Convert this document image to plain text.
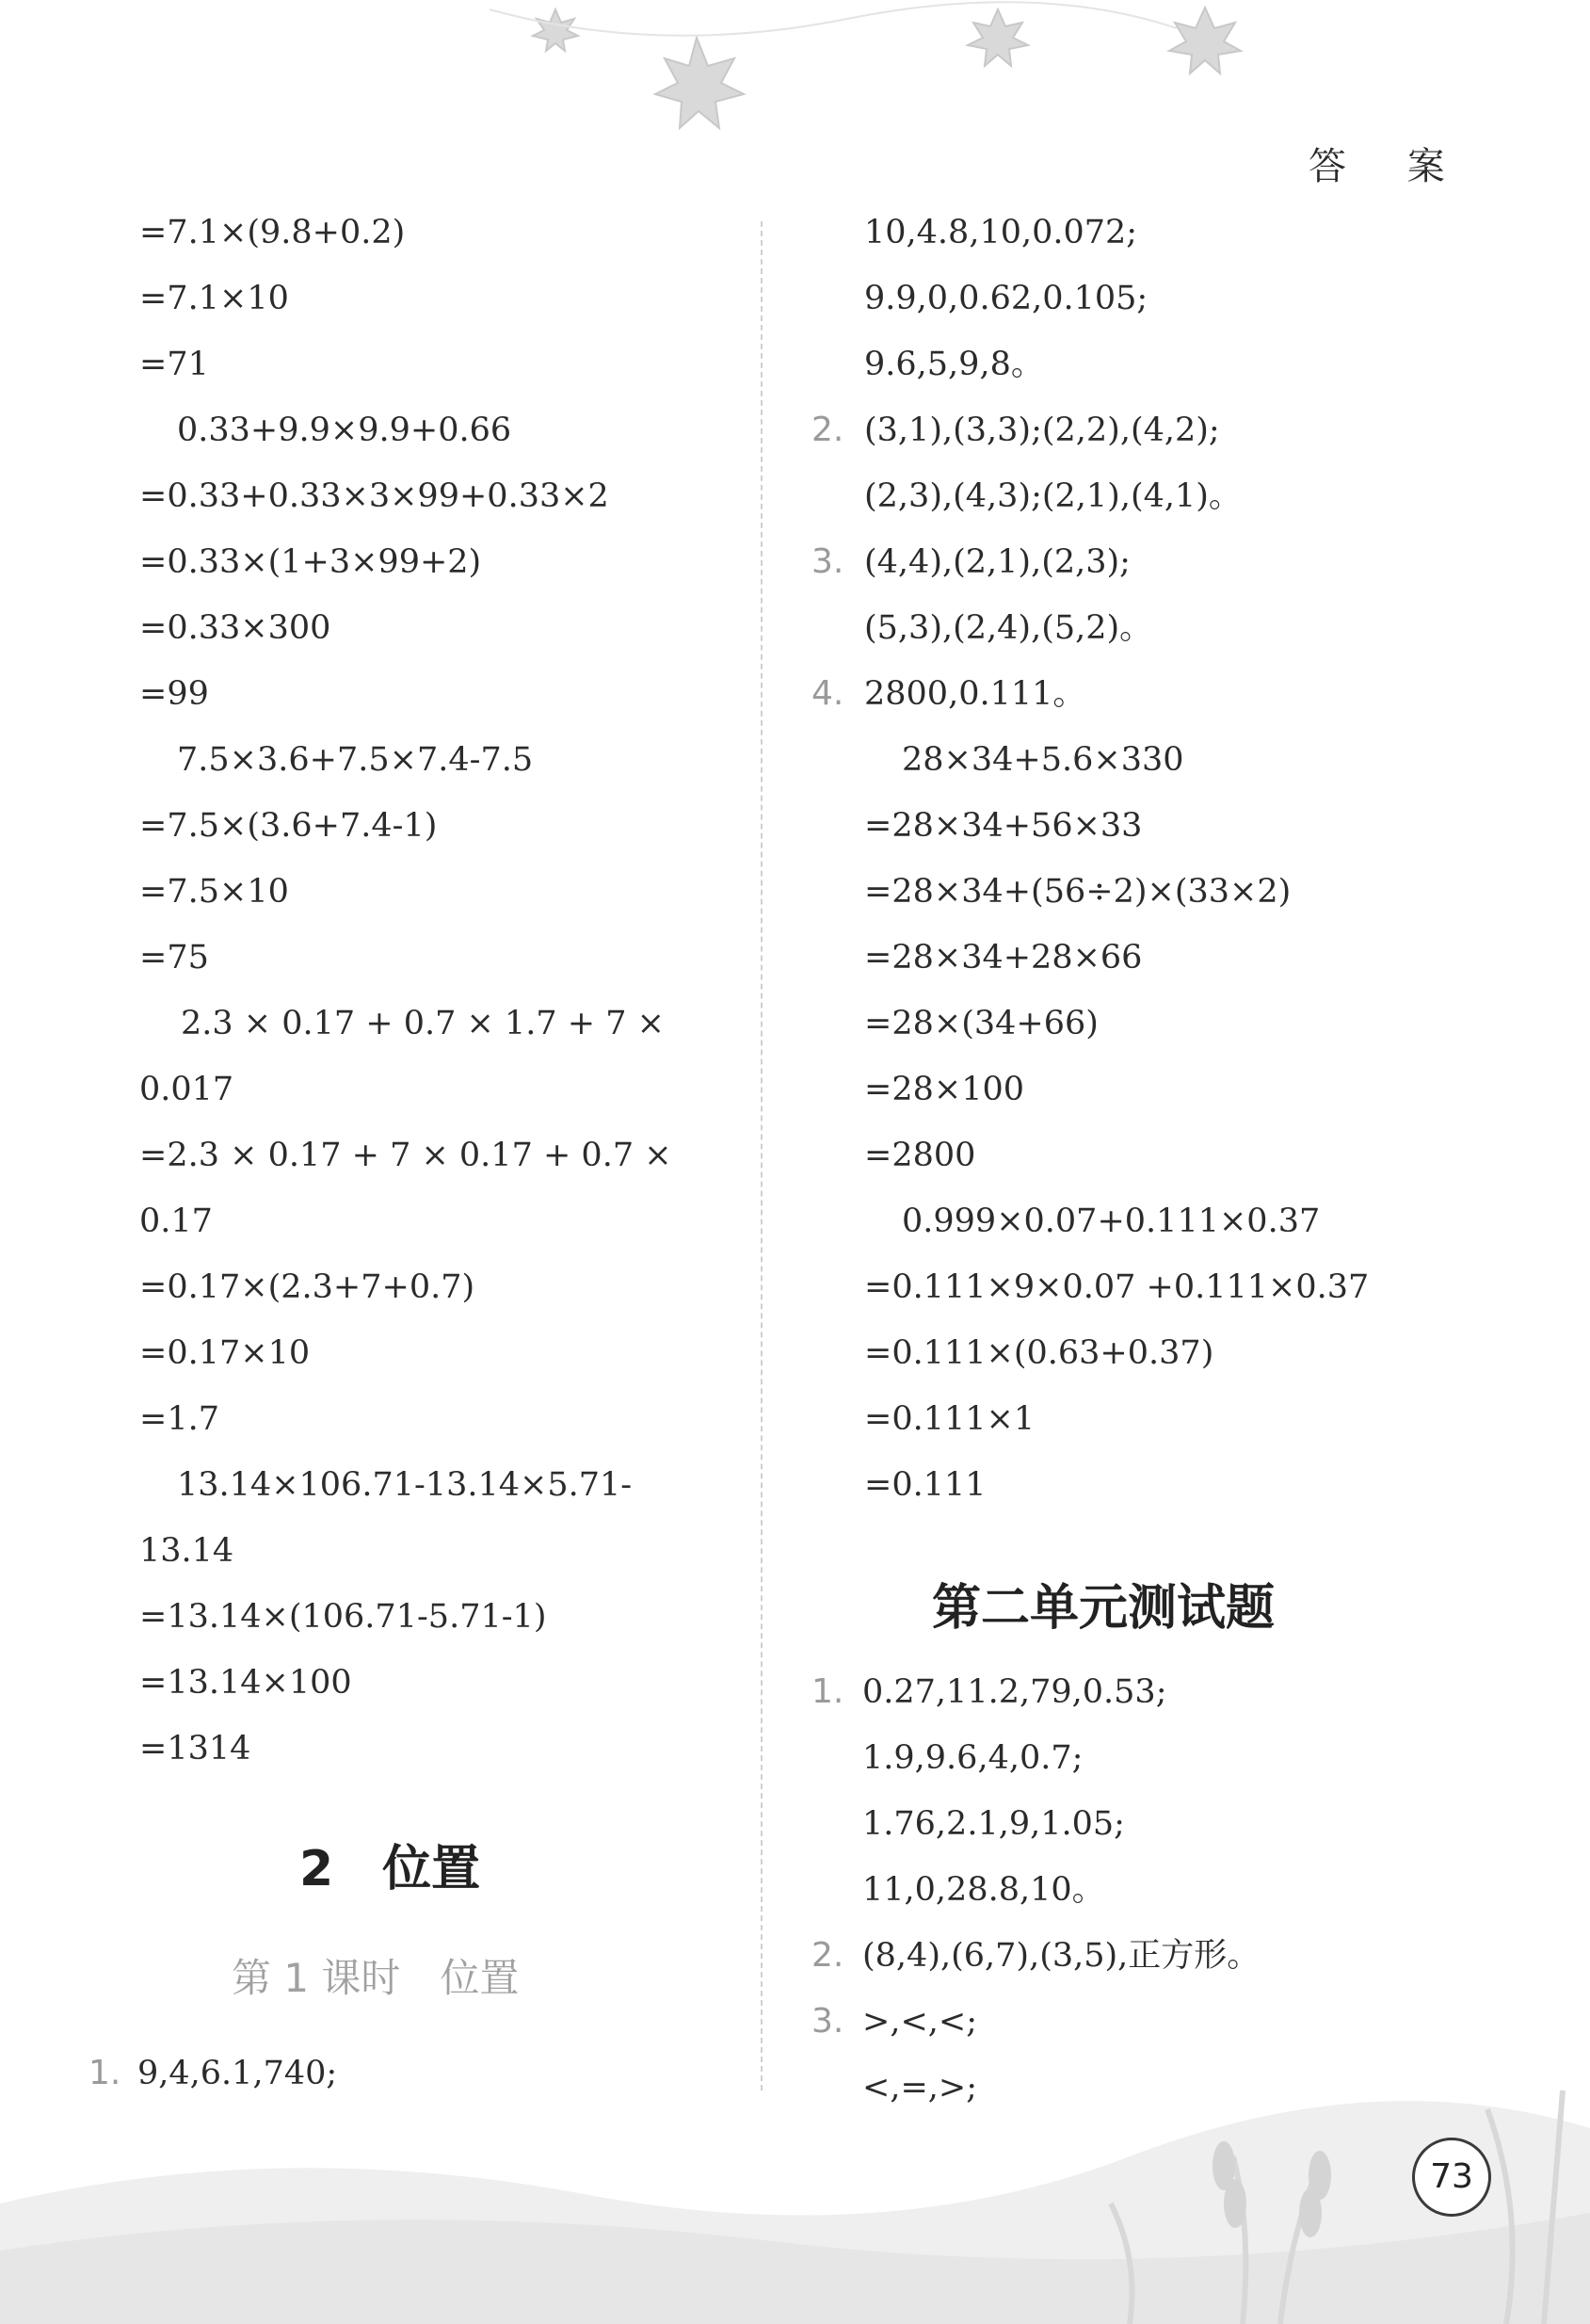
答 案
=7.1×(9.8+0.2)
=7.1×10
=71
0.33+9.9×9.9+0.66
=0.33+0.33×3×99+0.33×2
=0.33×(1+3×99+2)
=0.33×300
=99
7.5×3.6+7.5×7.4-7.5
=7.5×(3.6+7.4-1)
=7.5×10
=75
2.3 × 0.17 + 0.7 × 1.7 + 7 ×
0.017
=2.3 × 0.17 + 7 × 0.17 + 0.7 ×
0.17
=0.17×(2.3+7+0.7)
=0.17×10
=1.7
13.14×106.71-13.14×5.71-
13.14
=13.14×(106.71-5.71-1)
=13.14×100
=1314
2　位置
第 1 课时　位置
1. 9,4,6.1,740;
10,4.8,10,0.072;
9.9,0,0.62,0.105;
9.6,5,9,8。
2. (3,1),(3,3);(2,2),(4,2);
(2,3),(4,3);(2,1),(4,1)。
3. (4,4),(2,1),(2,3);
(5,3),(2,4),(5,2)。
4. 2800,0.111。
28×34+5.6×330
=28×34+56×33
=28×34+(56÷2)×(33×2)
=28×34+28×66
=28×(34+66)
=28×100
=2800
0.999×0.07+0.111×0.37
=0.111×9×0.07 +0.111×0.37
=0.111×(0.63+0.37)
=0.111×1
=0.111
第二单元测试题
1. 0.27,11.2,79,0.53;
1.9,9.6,4,0.7;
1.76,2.1,9,1.05;
11,0,28.8,10。
2. (8,4),(6,7),(3,5),正方形。
3. >,<,<;
<,=,>;
73
